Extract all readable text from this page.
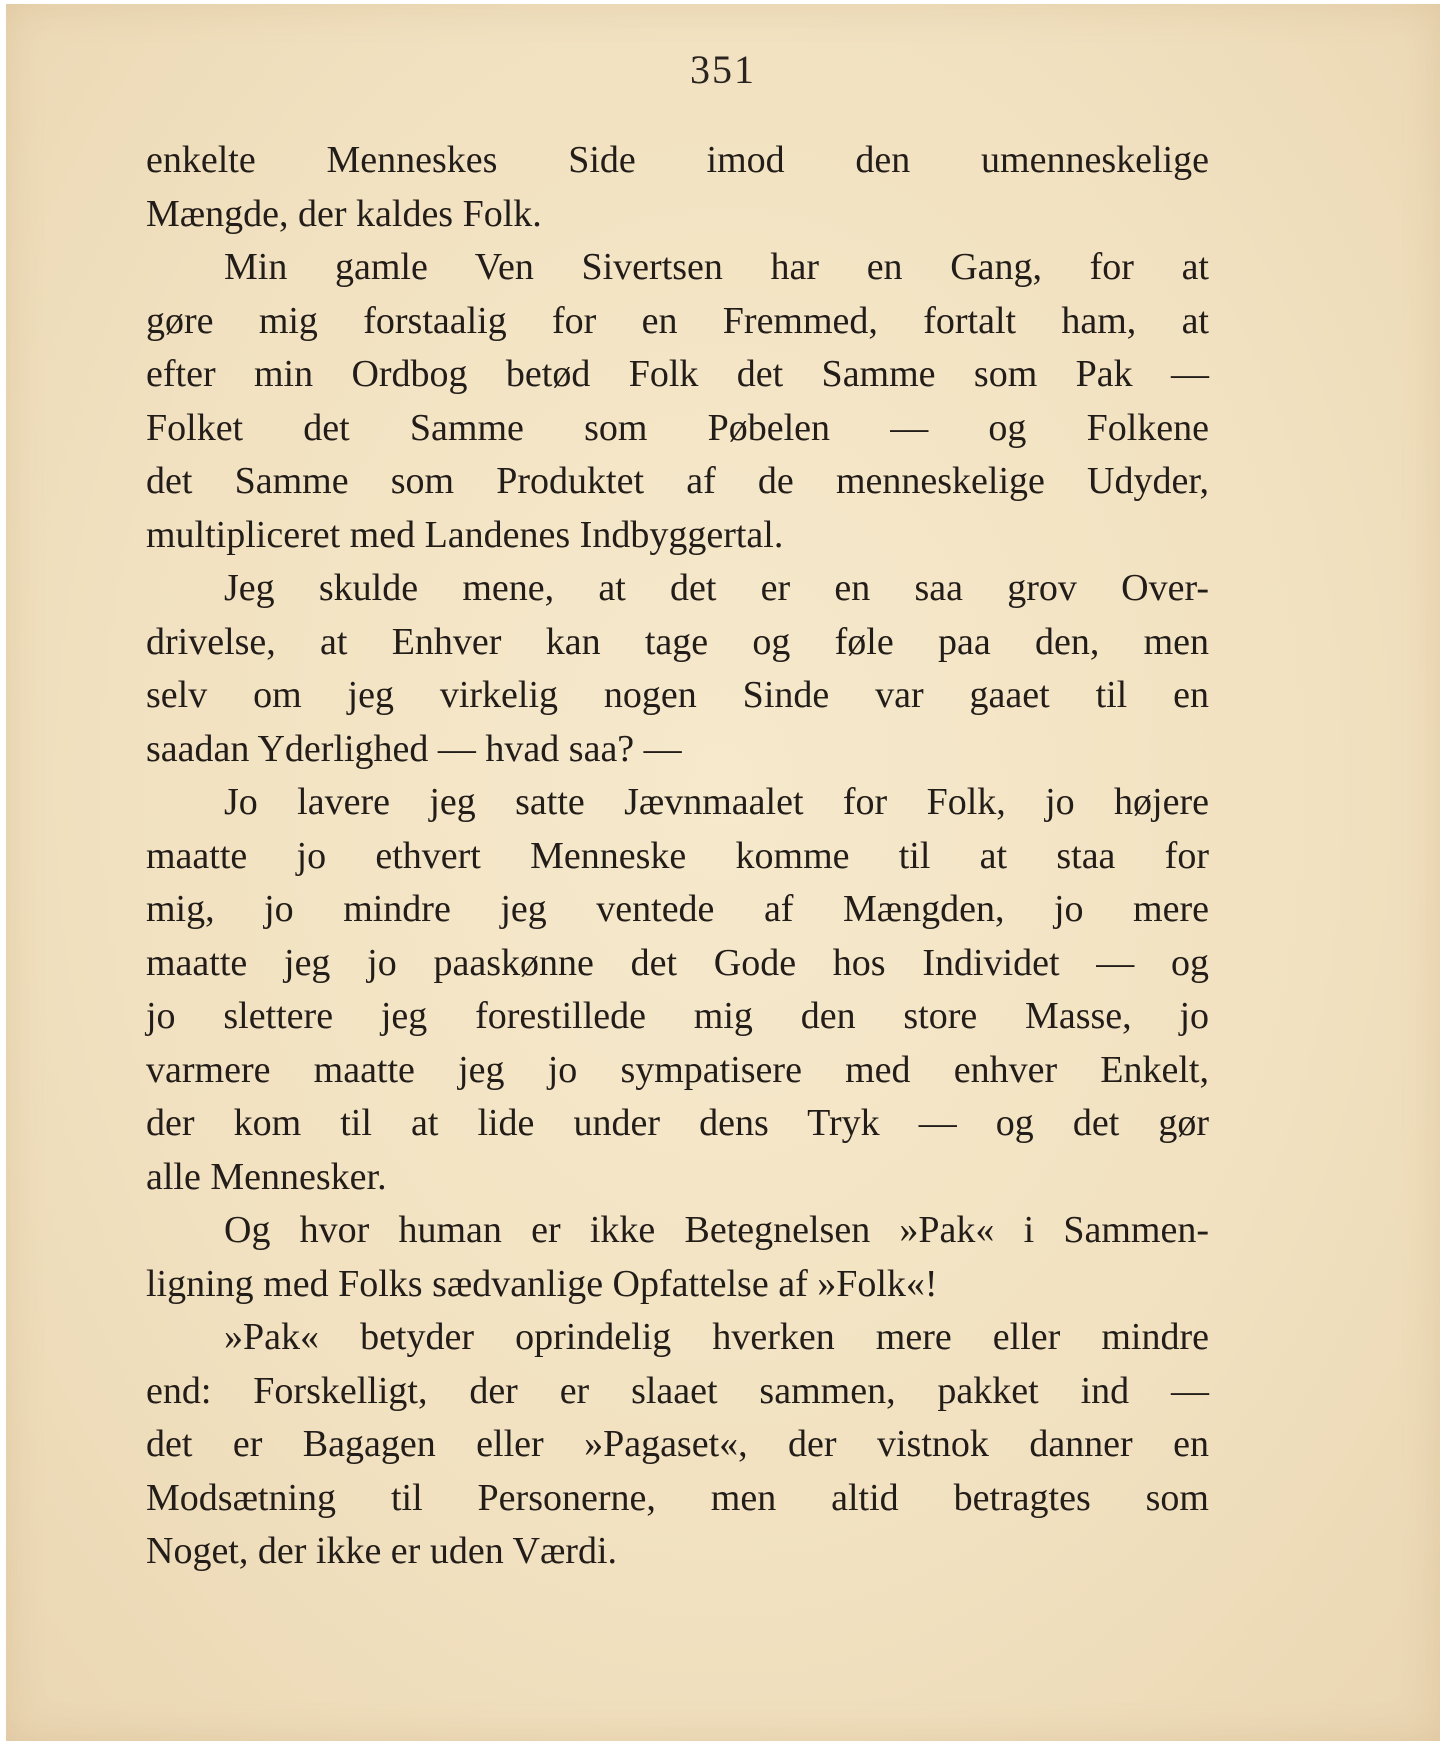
351
enkelte Menneskes Side imod den umenneskelige
Mængde, der kaldes Folk.
Min gamle Ven Sivertsen har en Gang, for at
gøre mig forstaalig for en Fremmed, fortalt ham, at
efter min Ordbog betød Folk det Samme som Pak —
Folket det Samme som Pøbelen — og Folkene
det Samme som Produktet af de menneskelige Udyder,
multipliceret med Landenes Indbyggertal.
Jeg skulde mene, at det er en saa grov Over-
drivelse, at Enhver kan tage og føle paa den, men
selv om jeg virkelig nogen Sinde var gaaet til en
saadan Yderlighed — hvad saa? —
Jo lavere jeg satte Jævnmaalet for Folk, jo højere
maatte jo ethvert Menneske komme til at staa for
mig, jo mindre jeg ventede af Mængden, jo mere
maatte jeg jo paaskønne det Gode hos Individet — og
jo slettere jeg forestillede mig den store Masse, jo
varmere maatte jeg jo sympatisere med enhver Enkelt,
der kom til at lide under dens Tryk — og det gør
alle Mennesker.
Og hvor human er ikke Betegnelsen »Pak« i Sammen-
ligning med Folks sædvanlige Opfattelse af »Folk«!
»Pak« betyder oprindelig hverken mere eller mindre
end: Forskelligt, der er slaaet sammen, pakket ind —
det er Bagagen eller »Pagaset«, der vistnok danner en
Modsætning til Personerne, men altid betragtes som
Noget, der ikke er uden Værdi.
